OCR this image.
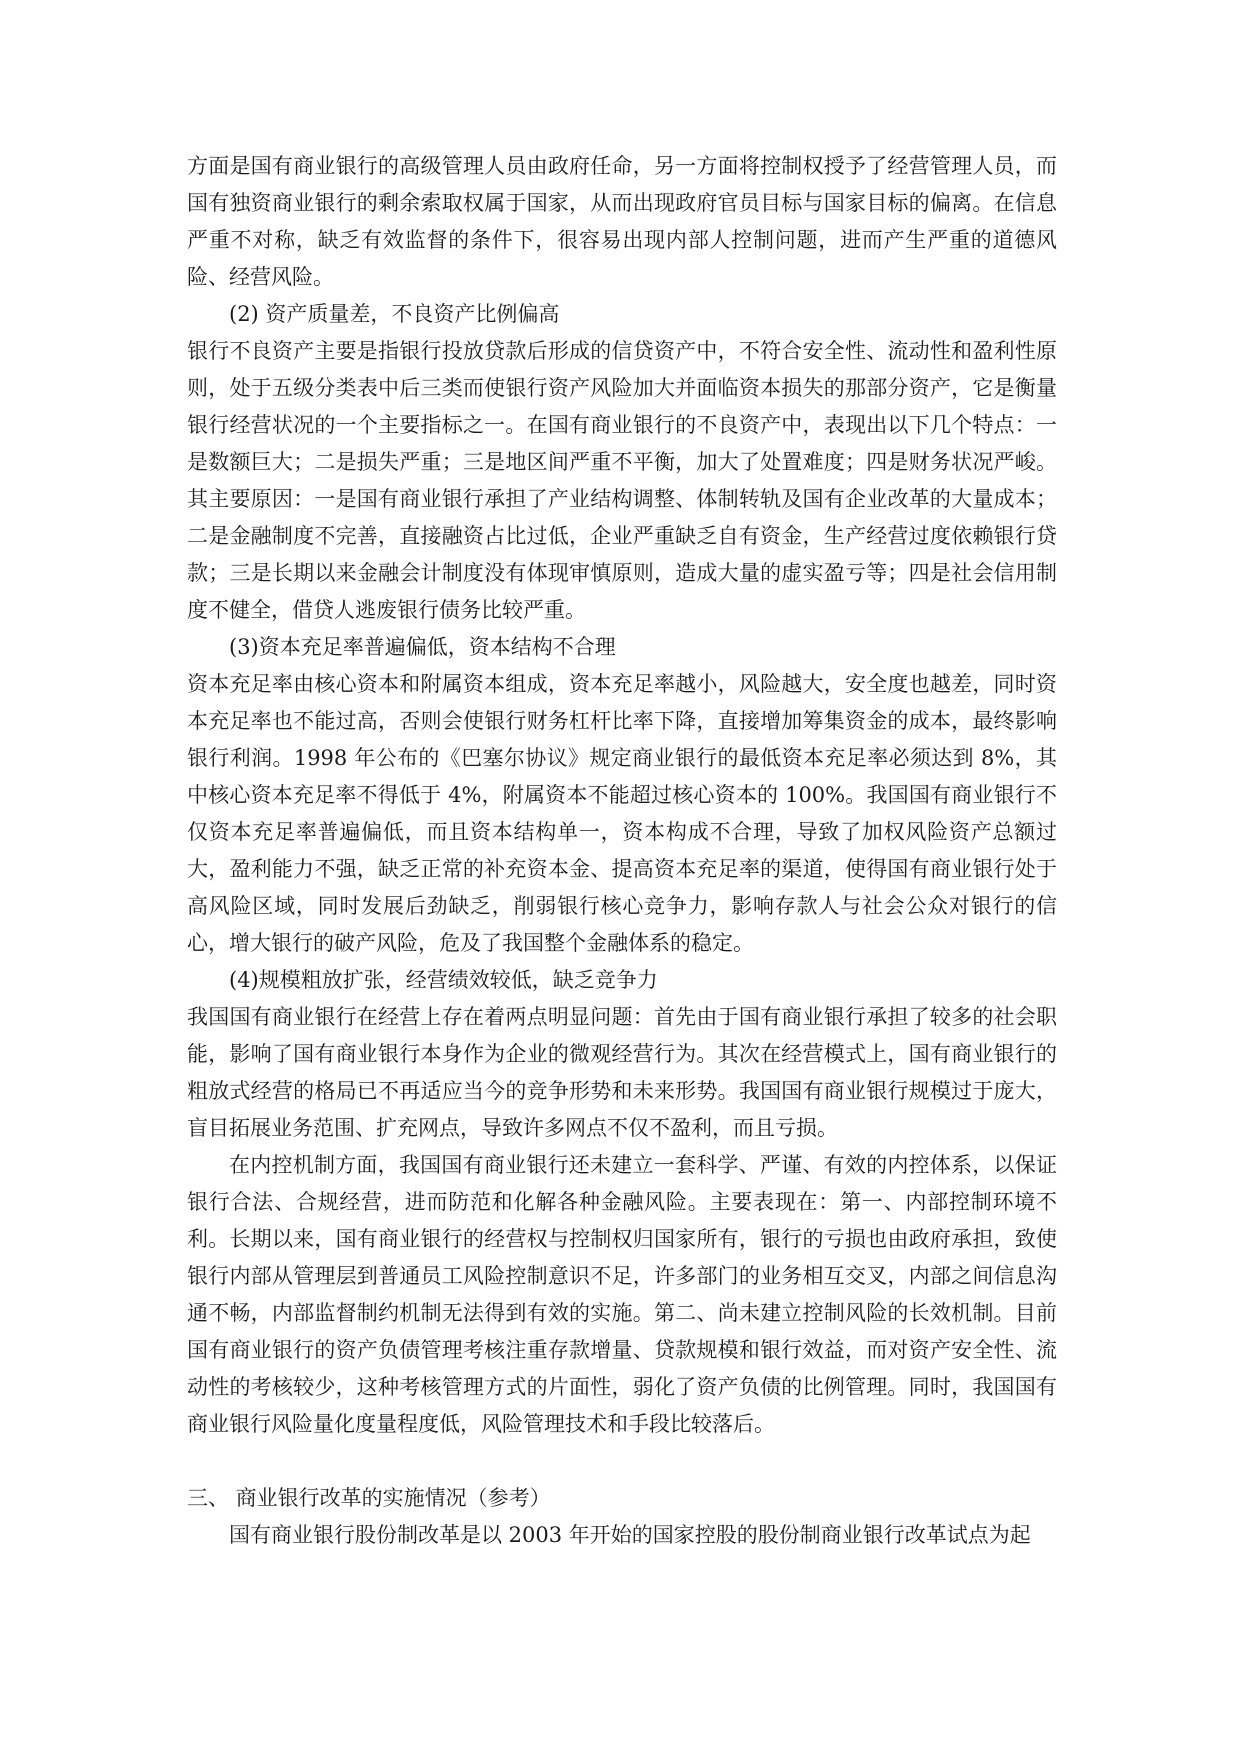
方面是国有商业银行的高级管理人员由政府任命，另一方面将控制权授予了经营管理人员，而国有独资商业银行的剩余索取权属于国家，从而出现政府官员目标与国家目标的偏离。在信息严重不对称，缺乏有效监督的条件下，很容易出现内部人控制问题，进而产生严重的道德风险、经营风险。

(2) 资产质量差，不良资产比例偏高

银行不良资产主要是指银行投放贷款后形成的信贷资产中，不符合安全性、流动性和盈利性原则，处于五级分类表中后三类而使银行资产风险加大并面临资本损失的那部分资产，它是衡量银行经营状况的一个主要指标之一。在国有商业银行的不良资产中，表现出以下几个特点：一是数额巨大；二是损失严重；三是地区间严重不平衡，加大了处置难度；四是财务状况严峻。其主要原因：一是国有商业银行承担了产业结构调整、体制转轨及国有企业改革的大量成本；二是金融制度不完善，直接融资占比过低，企业严重缺乏自有资金，生产经营过度依赖银行贷款；三是长期以来金融会计制度没有体现审慎原则，造成大量的虚实盈亏等；四是社会信用制度不健全，借贷人逃废银行债务比较严重。

(3)资本充足率普遍偏低，资本结构不合理

资本充足率由核心资本和附属资本组成，资本充足率越小，风险越大，安全度也越差，同时资本充足率也不能过高，否则会使银行财务杠杆比率下降，直接增加筹集资金的成本，最终影响银行利润。1998 年公布的《巴塞尔协议》规定商业银行的最低资本充足率必须达到 8%，其中核心资本充足率不得低于 4%，附属资本不能超过核心资本的 100%。我国国有商业银行不仅资本充足率普遍偏低，而且资本结构单一，资本构成不合理，导致了加权风险资产总额过大，盈利能力不强，缺乏正常的补充资本金、提高资本充足率的渠道，使得国有商业银行处于高风险区域，同时发展后劲缺乏，削弱银行核心竞争力，影响存款人与社会公众对银行的信心，增大银行的破产风险，危及了我国整个金融体系的稳定。

(4)规模粗放扩张，经营绩效较低，缺乏竞争力

我国国有商业银行在经营上存在着两点明显问题：首先由于国有商业银行承担了较多的社会职能，影响了国有商业银行本身作为企业的微观经营行为。其次在经营模式上，国有商业银行的粗放式经营的格局已不再适应当今的竞争形势和未来形势。我国国有商业银行规模过于庞大，盲目拓展业务范围、扩充网点，导致许多网点不仅不盈利，而且亏损。

在内控机制方面，我国国有商业银行还未建立一套科学、严谨、有效的内控体系，以保证银行合法、合规经营，进而防范和化解各种金融风险。主要表现在：第一、内部控制环境不利。长期以来，国有商业银行的经营权与控制权归国家所有，银行的亏损也由政府承担，致使银行内部从管理层到普通员工风险控制意识不足，许多部门的业务相互交叉，内部之间信息沟通不畅，内部监督制约机制无法得到有效的实施。第二、尚未建立控制风险的长效机制。目前国有商业银行的资产负债管理考核注重存款增量、贷款规模和银行效益，而对资产安全性、流动性的考核较少，这种考核管理方式的片面性，弱化了资产负债的比例管理。同时，我国国有商业银行风险量化度量程度低，风险管理技术和手段比较落后。

三、 商业银行改革的实施情况（参考）

国有商业银行股份制改革是以 2003 年开始的国家控股的股份制商业银行改革试点为起
